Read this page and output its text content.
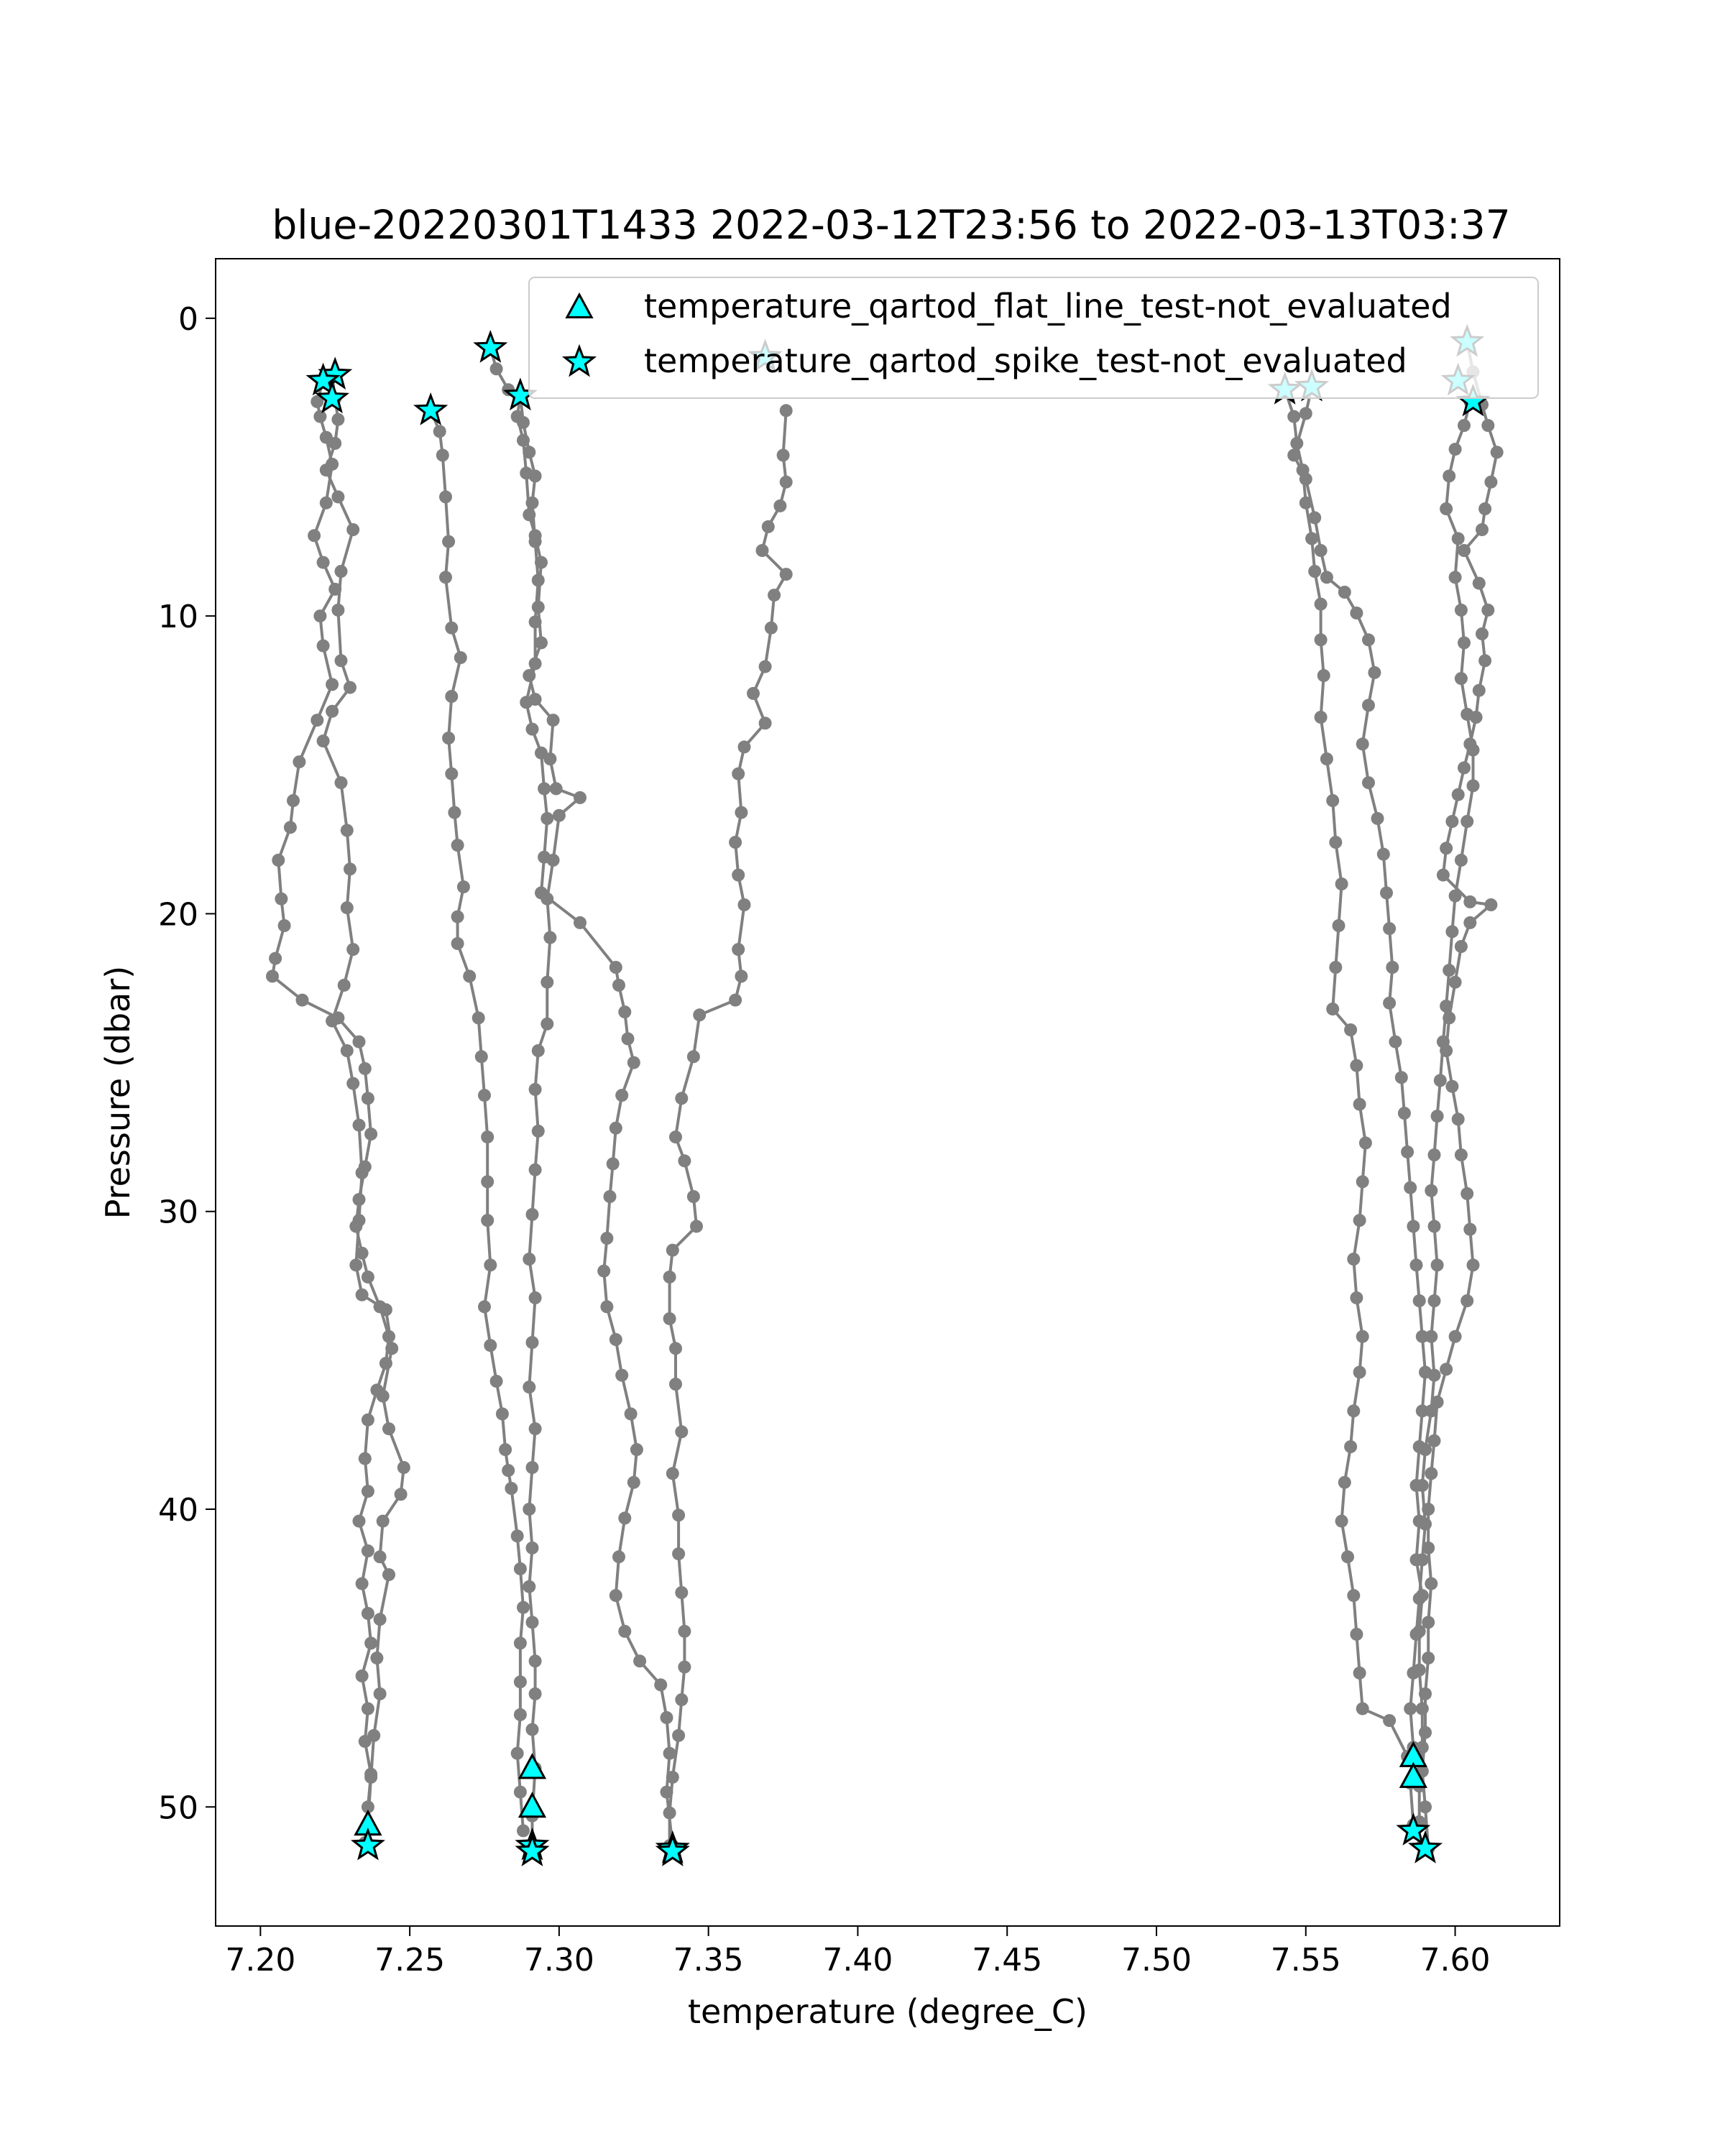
blue-20220301T1433 2022-03-12T23:56 to 2022-03-13T03:37
7.20 7.25 7.30 7.35 7.40 7.45 7.50 7.55 7.60
0
10
20
30
40
50
temperature (degree_C)
Pressure (dbar)
temperature_qartod_flat_line_test-not_evaluated
temperature_qartod_spike_test-not_evaluated
